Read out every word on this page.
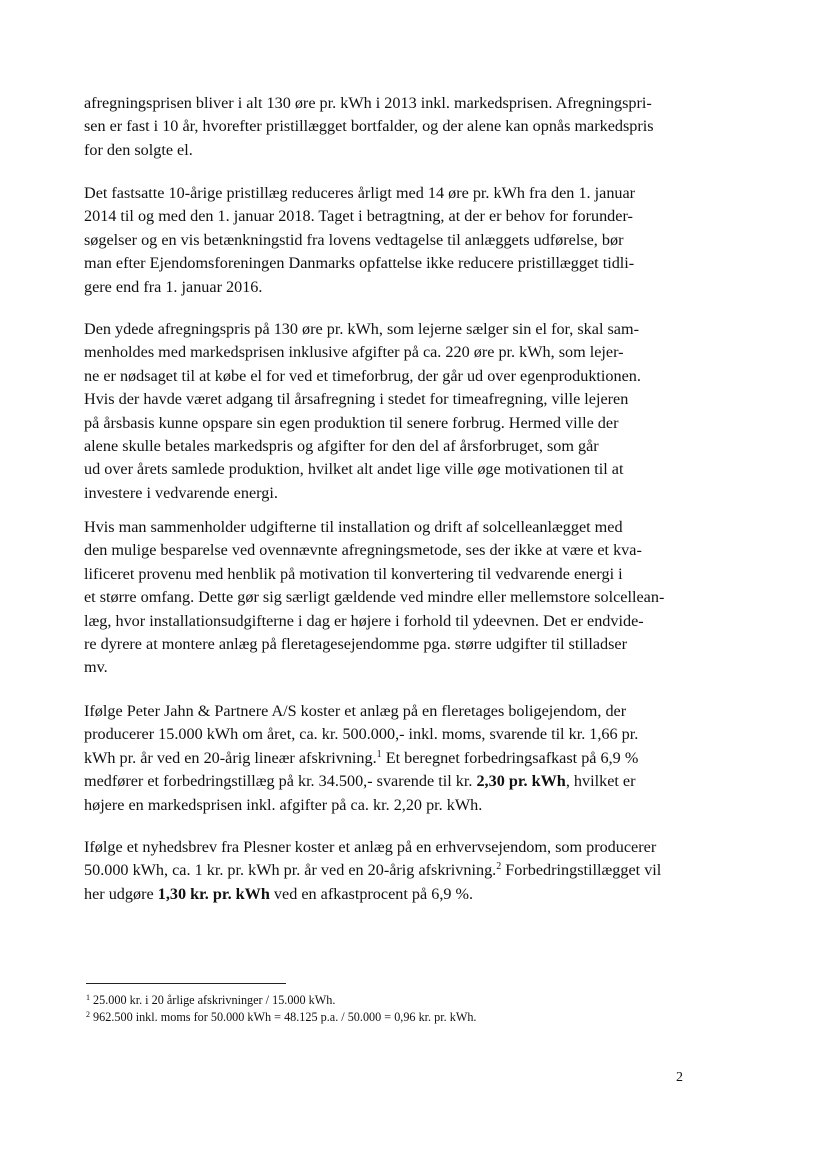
afregningsprisen bliver i alt 130 øre pr. kWh i 2013 inkl. markedsprisen. Afregningspri-
sen er fast i 10 år, hvorefter pristillægget bortfalder, og der alene kan opnås markedspris
for den solgte el.
Det fastsatte 10-årige pristillæg reduceres årligt med 14 øre pr. kWh fra den 1. januar
2014 til og med den 1. januar 2018. Taget i betragtning, at der er behov for forunder-
søgelser og en vis betænkningstid fra lovens vedtagelse til anlæggets udførelse, bør
man efter Ejendomsforeningen Danmarks opfattelse ikke reducere pristillægget tidli-
gere end fra 1. januar 2016.
Den ydede afregningspris på 130 øre pr. kWh, som lejerne sælger sin el for, skal sam-
menholdes med markedsprisen inklusive afgifter på ca. 220 øre pr. kWh, som lejer-
ne er nødsaget til at købe el for ved et timeforbrug, der går ud over egenproduktionen.
Hvis der havde været adgang til årsafregning i stedet for timeafregning, ville lejeren
på årsbasis kunne opspare sin egen produktion til senere forbrug. Hermed ville der
alene skulle betales markedspris og afgifter for den del af årsforbruget, som går
ud over årets samlede produktion, hvilket alt andet lige ville øge motivationen til at
investere i vedvarende energi.
Hvis man sammenholder udgifterne til installation og drift af solcelleanlægget med
den mulige besparelse ved ovennævnte afregningsmetode, ses der ikke at være et kva-
lificeret provenu med henblik på motivation til konvertering til vedvarende energi i
et større omfang. Dette gør sig særligt gældende ved mindre eller mellemstore solcellean-
læg, hvor installationsudgifterne i dag er højere i forhold til ydeevnen. Det er endvide-
re dyrere at montere anlæg på fleretagesejendomme pga. større udgifter til stilladser
mv.
Ifølge Peter Jahn & Partnere A/S koster et anlæg på en fleretages boligejendom, der
producerer 15.000 kWh om året, ca. kr. 500.000,- inkl. moms, svarende til kr. 1,66 pr.
kWh pr. år ved en 20-årig lineær afskrivning.$^1$ Et beregnet forbedringsafkast på 6,9 %
medfører et forbedringstillæg på kr. 34.500,- svarende til kr. 2,30 pr. kWh, hvilket er
højere en markedsprisen inkl. afgifter på ca. kr. 2,20 pr. kWh.
Ifølge et nyhedsbrev fra Plesner koster et anlæg på en erhvervsejendom, som producerer
50.000 kWh, ca. 1 kr. pr. kWh pr. år ved en 20-årig afskrivning.$^2$ Forbedringstillægget vil
her udgøre 1,30 kr. pr. kWh ved en afkastprocent på 6,9 %.
$^1$ 25.000 kr. i 20 årlige afskrivninger / 15.000 kWh.
$^2$ 962.500 inkl. moms for 50.000 kWh = 48.125 p.a. / 50.000 = 0,96 kr. pr. kWh.
2
